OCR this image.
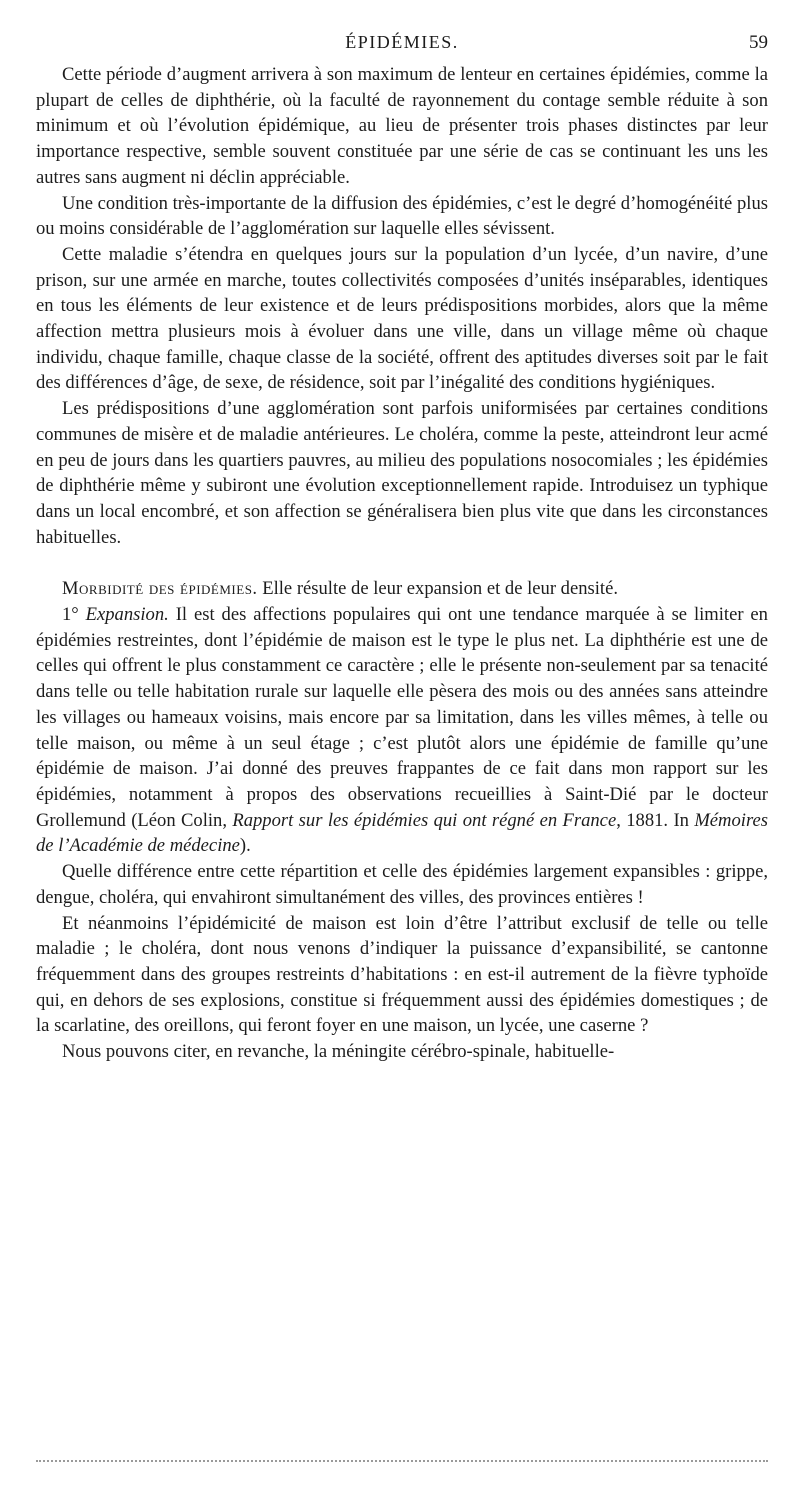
ÉPIDÉMIES.	59

Cette période d’augment arrivera à son maximum de lenteur en certaines épidémies, comme la plupart de celles de diphthérie, où la faculté de rayonnement du contage semble réduite à son minimum et où l’évolution épidémique, au lieu de présenter trois phases distinctes par leur importance respective, semble souvent constituée par une série de cas se continuant les uns les autres sans augment ni déclin appréciable.

Une condition très-importante de la diffusion des épidémies, c’est le degré d’homogénéité plus ou moins considérable de l’agglomération sur laquelle elles sévissent.

Cette maladie s’étendra en quelques jours sur la population d’un lycée, d’un navire, d’une prison, sur une armée en marche, toutes collectivités composées d’unités inséparables, identiques en tous les éléments de leur existence et de leurs prédispositions morbides, alors que la même affection mettra plusieurs mois à évoluer dans une ville, dans un village même où chaque individu, chaque famille, chaque classe de la société, offrent des aptitudes diverses soit par le fait des différences d’âge, de sexe, de résidence, soit par l’inégalité des conditions hygiéniques.

Les prédispositions d’une agglomération sont parfois uniformisées par certaines conditions communes de misère et de maladie antérieures. Le choléra, comme la peste, atteindront leur acmé en peu de jours dans les quartiers pauvres, au milieu des populations nosocomiales ; les épidémies de diphthérie même y subiront une évolution exceptionnellement rapide. Introduisez un typhique dans un local encombré, et son affection se généralisera bien plus vite que dans les circonstances habituelles.

Morbidité des épidémies. Elle résulte de leur expansion et de leur densité.

1° Expansion. Il est des affections populaires qui ont une tendance marquée à se limiter en épidémies restreintes, dont l’épidémie de maison est le type le plus net. La diphthérie est une de celles qui offrent le plus constamment ce caractère ; elle le présente non-seulement par sa tenacité dans telle ou telle habitation rurale sur laquelle elle pèsera des mois ou des années sans atteindre les villages ou hameaux voisins, mais encore par sa limitation, dans les villes mêmes, à telle ou telle maison, ou même à un seul étage ; c’est plutôt alors une épidémie de famille qu’une épidémie de maison. J’ai donné des preuves frappantes de ce fait dans mon rapport sur les épidémies, notamment à propos des observations recueillies à Saint-Dié par le docteur Grollemund (Léon Colin, Rapport sur les épidémies qui ont régné en France, 1881. In Mémoires de l’Académie de médecine).

Quelle différence entre cette répartition et celle des épidémies largement expansibles : grippe, dengue, choléra, qui envahiront simultanément des villes, des provinces entières !

Et néanmoins l’épidémicité de maison est loin d’être l’attribut exclusif de telle ou telle maladie ; le choléra, dont nous venons d’indiquer la puissance d’expansibilité, se cantonne fréquemment dans des groupes restreints d’habitations : en est-il autrement de la fièvre typhoïde qui, en dehors de ses explosions, constitue si fréquemment aussi des épidémies domestiques ; de la scarlatine, des oreillons, qui feront foyer en une maison, un lycée, une caserne ?

Nous pouvons citer, en revanche, la méningite cérébro-spinale, habituelle-
